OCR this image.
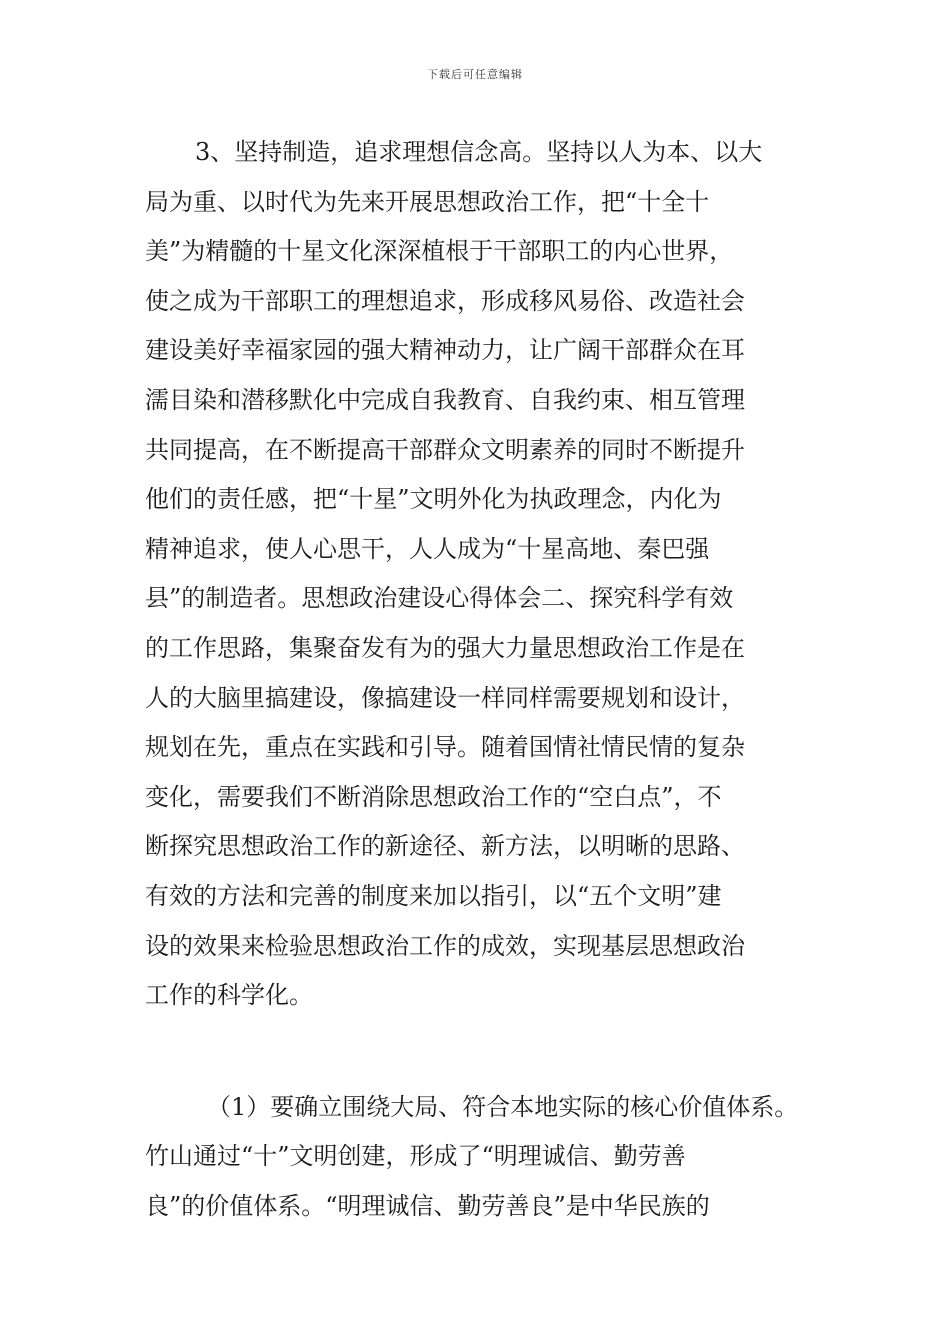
下载后可任意编辑
3、坚持制造，追求理想信念高。坚持以人为本、以大
局为重、以时代为先来开展思想政治工作，把“十全十
美”为精髓的十星文化深深植根于干部职工的内心世界，
使之成为干部职工的理想追求，形成移风易俗、改造社会
建设美好幸福家园的强大精神动力，让广阔干部群众在耳
濡目染和潜移默化中完成自我教育、自我约束、相互管理
共同提高，在不断提高干部群众文明素养的同时不断提升
他们的责任感，把“十星”文明外化为执政理念，内化为
精神追求，使人心思干，人人成为“十星高地、秦巴强
县”的制造者。思想政治建设心得体会二、探究科学有效
的工作思路，集聚奋发有为的强大力量思想政治工作是在
人的大脑里搞建设，像搞建设一样同样需要规划和设计，
规划在先，重点在实践和引导。随着国情社情民情的复杂
变化，需要我们不断消除思想政治工作的“空白点”，不
断探究思想政治工作的新途径、新方法，以明晰的思路、
有效的方法和完善的制度来加以指引，以“五个文明”建
设的效果来检验思想政治工作的成效，实现基层思想政治
工作的科学化。
（1）要确立围绕大局、符合本地实际的核心价值体系。
竹山通过“十”文明创建，形成了“明理诚信、勤劳善
良”的价值体系。“明理诚信、勤劳善良”是中华民族的
